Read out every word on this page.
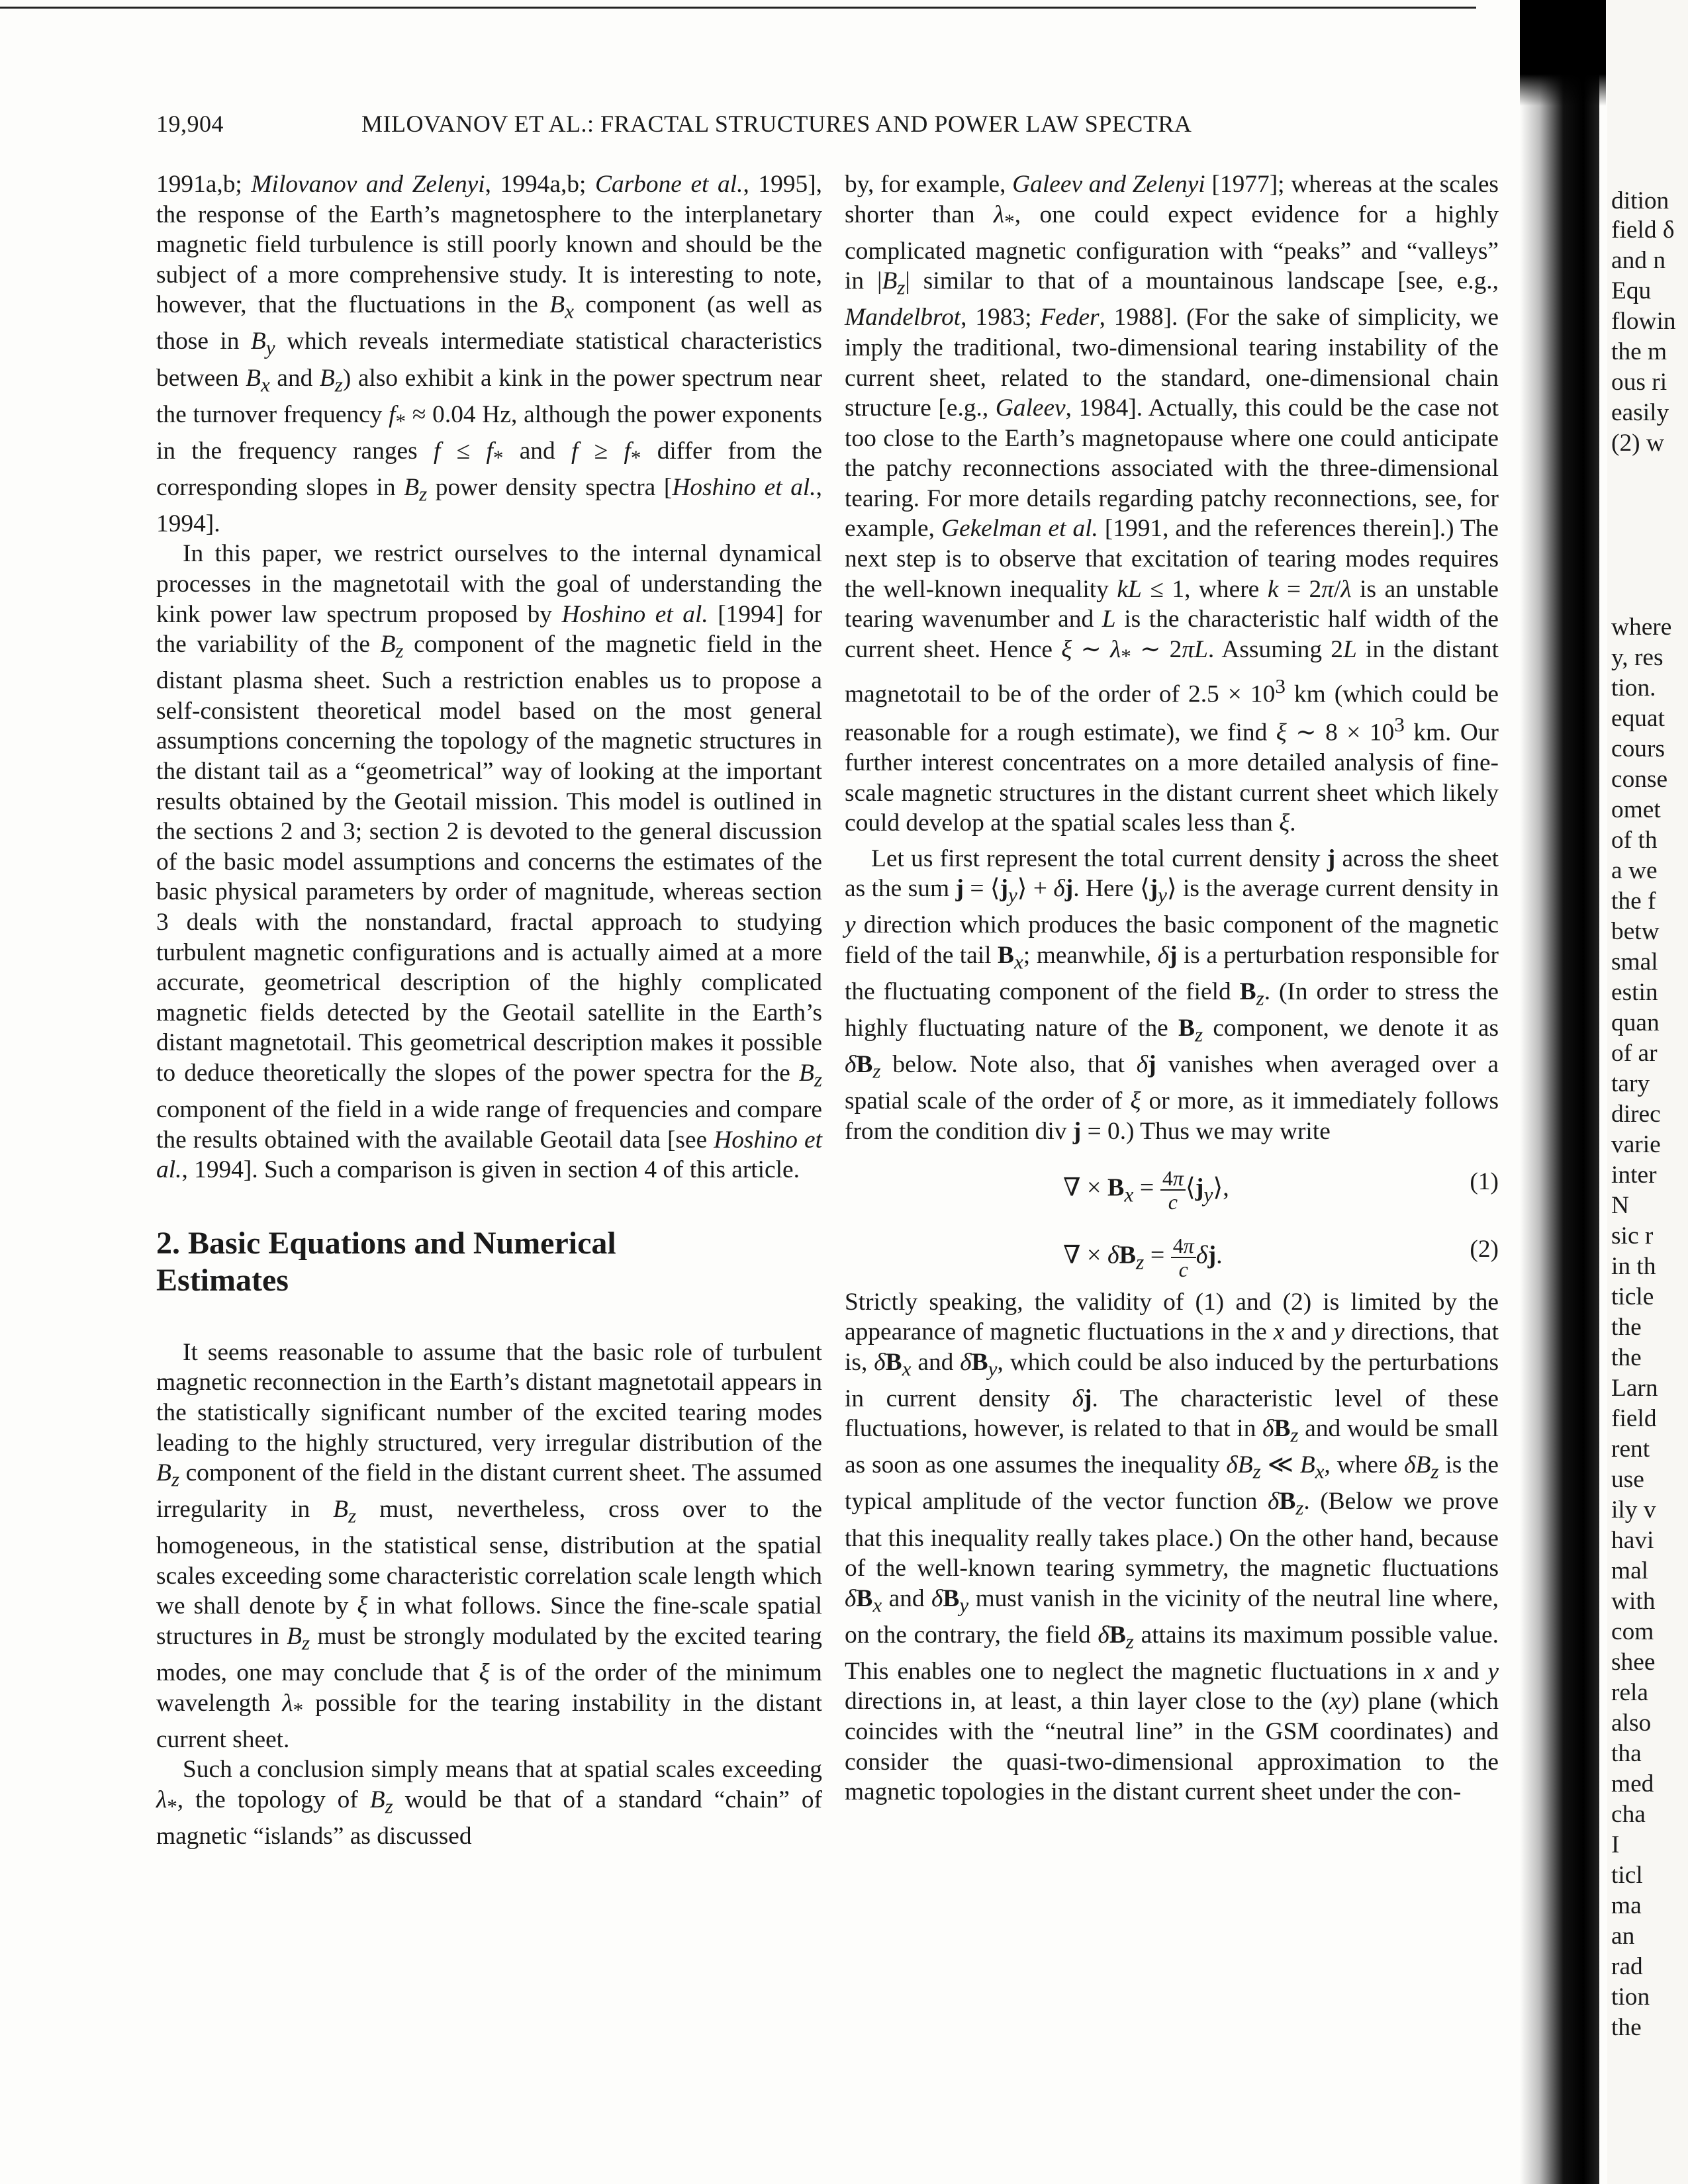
19,904	MILOVANOV ET AL.: FRACTAL STRUCTURES AND POWER LAW SPECTRA

1991a,b; Milovanov and Zelenyi, 1994a,b; Carbone et al., 1995], the response of the Earth’s magnetosphere to the interplanetary magnetic field turbulence is still poorly known and should be the subject of a more comprehensive study. It is interesting to note, however, that the fluctuations in the $B_x$ component (as well as those in $B_y$ which reveals intermediate statistical characteristics between $B_x$ and $B_z$) also exhibit a kink in the power spectrum near the turnover frequency $f_* \approx 0.04$ Hz, although the power exponents in the frequency ranges $f \le f_*$ and $f \ge f_*$ differ from the corresponding slopes in $B_z$ power density spectra [Hoshino et al., 1994].

In this paper, we restrict ourselves to the internal dynamical processes in the magnetotail with the goal of understanding the kink power law spectrum proposed by Hoshino et al. [1994] for the variability of the $B_z$ component of the magnetic field in the distant plasma sheet. Such a restriction enables us to propose a self-consistent theoretical model based on the most general assumptions concerning the topology of the magnetic structures in the distant tail as a “geometrical” way of looking at the important results obtained by the Geotail mission. This model is outlined in the sections 2 and 3; section 2 is devoted to the general discussion of the basic model assumptions and concerns the estimates of the basic physical parameters by order of magnitude, whereas section 3 deals with the nonstandard, fractal approach to studying turbulent magnetic configurations and is actually aimed at a more accurate, geometrical description of the highly complicated magnetic fields detected by the Geotail satellite in the Earth’s distant magnetotail. This geometrical description makes it possible to deduce theoretically the slopes of the power spectra for the $B_z$ component of the field in a wide range of frequencies and compare the results obtained with the available Geotail data [see Hoshino et al., 1994]. Such a comparison is given in section 4 of this article.

2. Basic Equations and Numerical
Estimates

It seems reasonable to assume that the basic role of turbulent magnetic reconnection in the Earth’s distant magnetotail appears in the statistically significant number of the excited tearing modes leading to the highly structured, very irregular distribution of the $B_z$ component of the field in the distant current sheet. The assumed irregularity in $B_z$ must, nevertheless, cross over to the homogeneous, in the statistical sense, distribution at the spatial scales exceeding some characteristic correlation scale length which we shall denote by ξ in what follows. Since the fine-scale spatial structures in $B_z$ must be strongly modulated by the excited tearing modes, one may conclude that ξ is of the order of the minimum wavelength $\lambda_*$ possible for the tearing instability in the distant current sheet.

Such a conclusion simply means that at spatial scales exceeding $\lambda_*$, the topology of $B_z$ would be that of a standard “chain” of magnetic “islands” as discussed

by, for example, Galeev and Zelenyi [1977]; whereas at the scales shorter than $\lambda_*$, one could expect evidence for a highly complicated magnetic configuration with “peaks” and “valleys” in $|B_z|$ similar to that of a mountainous landscape [see, e.g., Mandelbrot, 1983; Feder, 1988]. (For the sake of simplicity, we imply the traditional, two-dimensional tearing instability of the current sheet, related to the standard, one-dimensional chain structure [e.g., Galeev, 1984]. Actually, this could be the case not too close to the Earth’s magnetopause where one could anticipate the patchy reconnections associated with the three-dimensional tearing. For more details regarding patchy reconnections, see, for example, Gekelman et al. [1991, and the references therein].) The next step is to observe that excitation of tearing modes requires the well-known inequality kL ≤ 1, where k = 2π/λ is an unstable tearing wavenumber and L is the characteristic half width of the current sheet. Hence ξ ∼ $\lambda_*$ ∼ 2πL. Assuming 2L in the distant magnetotail to be of the order of $2.5 \times 10^3$ km (which could be reasonable for a rough estimate), we find ξ ∼ $8 \times 10^3$ km. Our further interest concentrates on a more detailed analysis of fine-scale magnetic structures in the distant current sheet which likely could develop at the spatial scales less than ξ.

Let us first represent the total current density j across the sheet as the sum $j = ⟨j_y⟩ + \delta j$. Here $⟨j_y⟩$ is the average current density in y direction which produces the basic component of the magnetic field of the tail $B_x$; meanwhile, δj is a perturbation responsible for the fluctuating component of the field $B_z$. (In order to stress the highly fluctuating nature of the $B_z$ component, we denote it as $\delta B_z$ below. Note also, that δj vanishes when averaged over a spatial scale of the order of ξ or more, as it immediately follows from the condition div j = 0.) Thus we may write

∇ × $B_x = \frac{4\pi}{c}$ $⟨j_y⟩$,	(1)
∇ × $\delta B_z = \frac{4\pi}{c} \delta j$.	(2)

Strictly speaking, the validity of (1) and (2) is limited by the appearance of magnetic fluctuations in the x and y directions, that is, $\delta B_x$ and $\delta B_y$, which could be also induced by the perturbations in current density δj. The characteristic level of these fluctuations, however, is related to that in $\delta B_z$ and would be small as soon as one assumes the inequality $\delta B_z$ ≪ $B_x$, where $\delta B_z$ is the typical amplitude of the vector function $\delta B_z$. (Below we prove that this inequality really takes place.) On the other hand, because of the well-known tearing symmetry, the magnetic fluctuations $\delta B_x$ and $\delta B_y$ must vanish in the vicinity of the neutral line where, on the contrary, the field $\delta B_z$ attains its maximum possible value. This enables one to neglect the magnetic fluctuations in x and y directions in, at least, a thin layer close to the (xy) plane (which coincides with the “neutral line” in the GSM coordinates) and consider the quasi-two-dimensional approximation to the magnetic topologies in the distant current sheet under the con-

dition
field δ
and n
Equ
flowin
the m
ous ri
easily
(2) w
where
y, res
tion.
equat
cours
conse
omet
of th
a we
the f
betw
smal
estin
quan
of ar
tary
direc
varie
inter
N
sic r
in th
ticle
the
the
Larn
field
rent
use
ily v
havi
mal
with
com
shee
rela
also
tha
med
cha
I
ticl
ma
an
rad
tion
the
